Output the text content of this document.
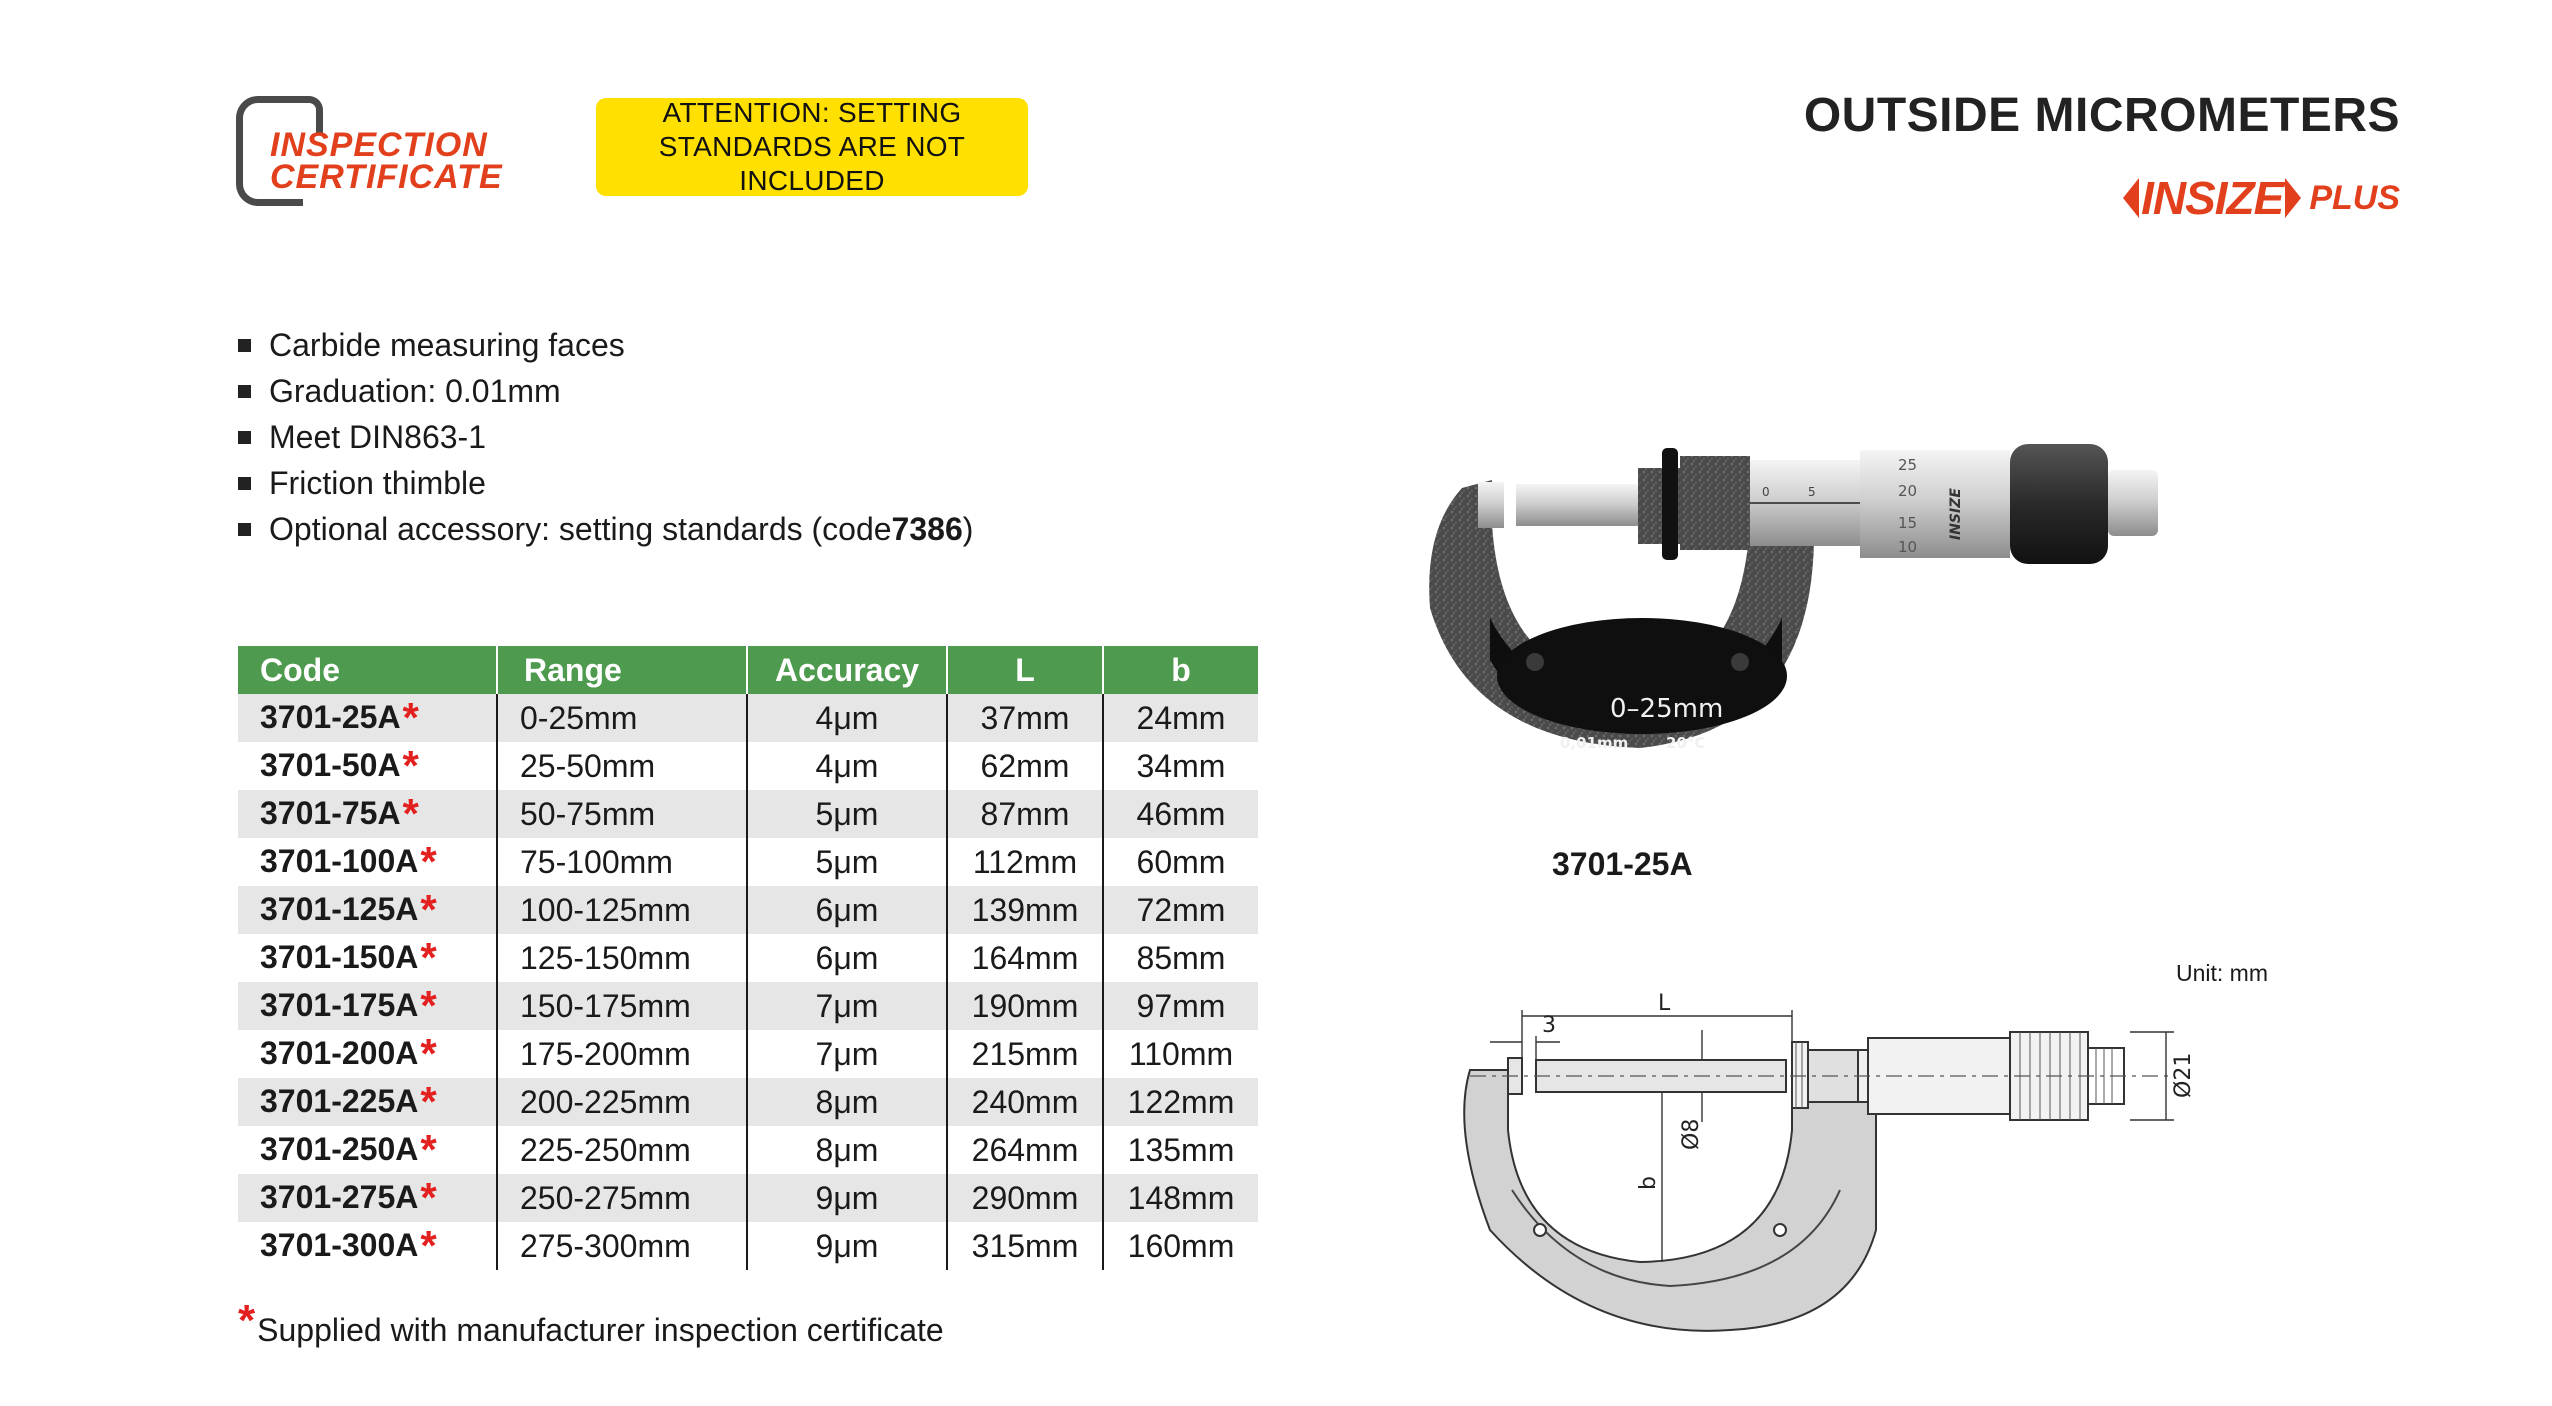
INSPECTION
CERTIFICATE
ATTENTION: SETTING
STANDARDS ARE NOT INCLUDED
OUTSIDE MICROMETERS
INSIZE PLUS
Carbide measuring faces
Graduation: 0.01mm
Meet DIN863-1
Friction thimble
Optional accessory: setting standards (code 7386 )
Code	Range	Accuracy	L	b
3701-25A*	0-25mm	4μm	37mm	24mm
3701-50A*	25-50mm	4μm	62mm	34mm
3701-75A*	50-75mm	5μm	87mm	46mm
3701-100A*	75-100mm	5μm	112mm	60mm
3701-125A*	100-125mm	6μm	139mm	72mm
3701-150A*	125-150mm	6μm	164mm	85mm
3701-175A*	150-175mm	7μm	190mm	97mm
3701-200A*	175-200mm	7μm	215mm	110mm
3701-225A*	200-225mm	8μm	240mm	122mm
3701-250A*	225-250mm	8μm	264mm	135mm
3701-275A*	250-275mm	9μm	290mm	148mm
3701-300A*	275-300mm	9μm	315mm	160mm
*Supplied with manufacturer inspection certificate
0–25mm
0,01mm	20°C
0	5
25
20
15
10
INSIZE
3701-25A
Unit: mm
L
3
b
Ø8
Ø21
